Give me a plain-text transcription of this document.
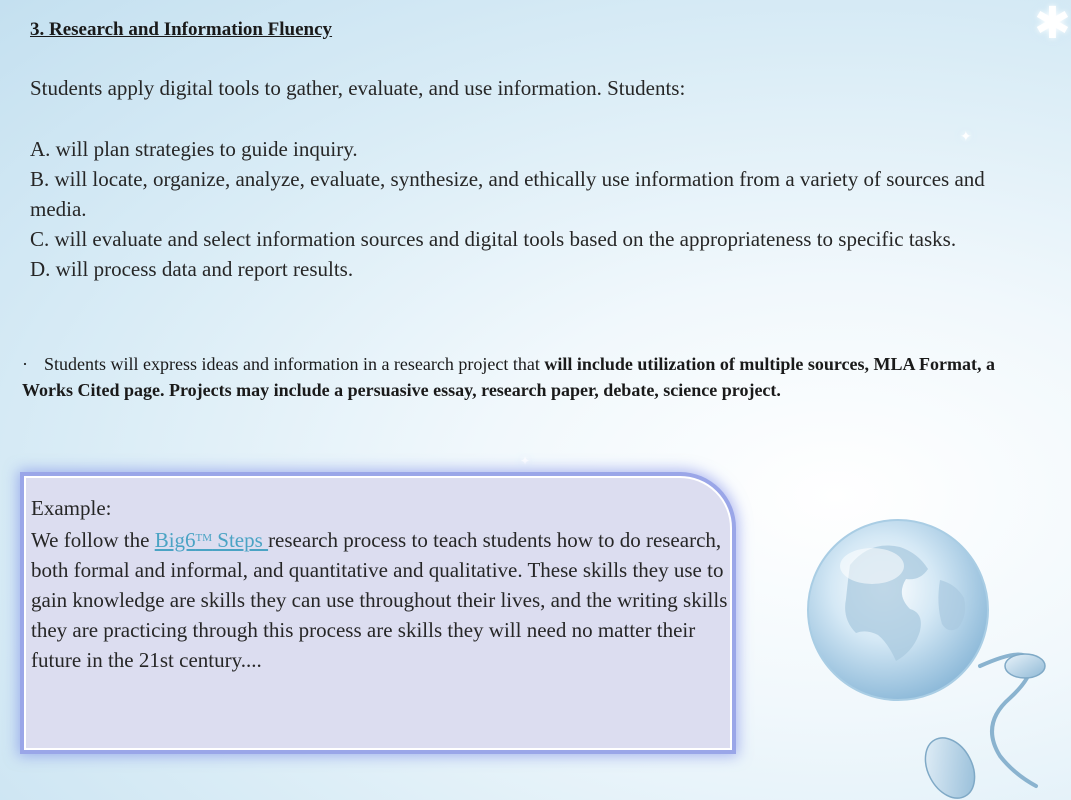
✱
✦
✦
3. Research and Information Fluency

Students apply digital tools to gather, evaluate, and use information. Students:

A. will plan strategies to guide inquiry.

B. will locate, organize, analyze, evaluate, synthesize, and ethically use information from a variety of sources and media.

C. will evaluate and select information sources and digital tools based on the appropriateness to specific tasks.

D. will process data and report results.

· Students will express ideas and information in a research project that will include utilization of multiple sources, MLA Format, a Works Cited page. Projects may include a persuasive essay, research paper, debate, science project.

Example:

We follow the Big6™ Steps research process to teach students how to do research, both formal and informal, and quantitative and qualitative. These skills they use to gain knowledge are skills they can use throughout their lives, and the writing skills they are practicing through this process are skills they will need no matter their future in the 21st century....
